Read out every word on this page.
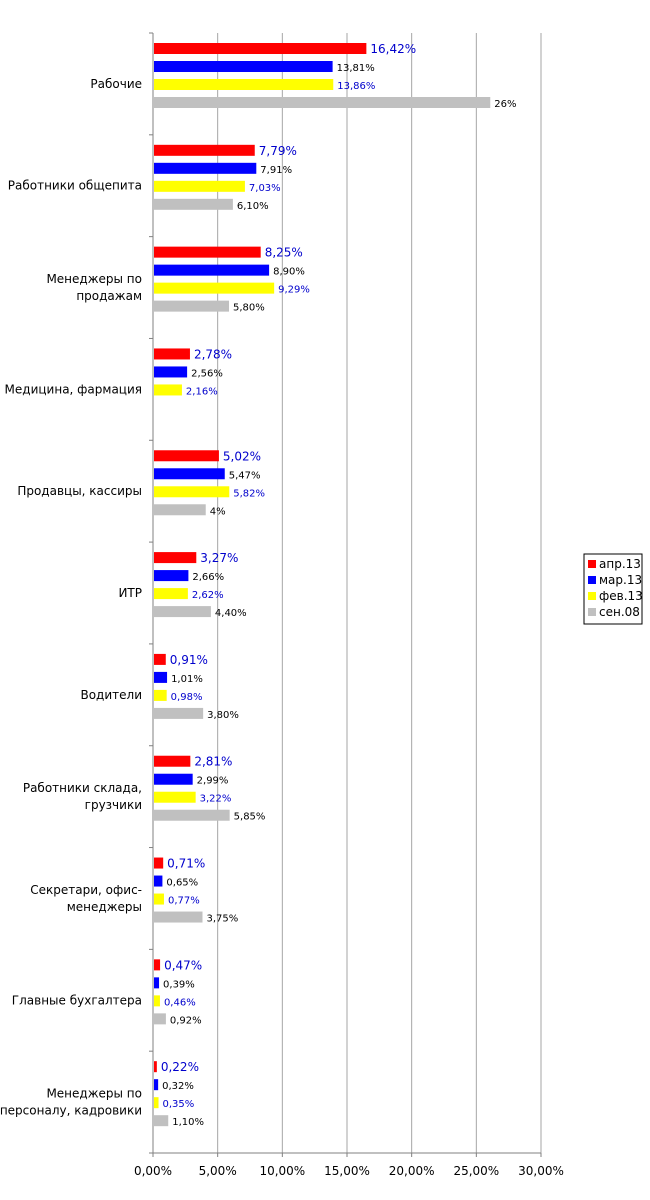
16,42%
7,79%
8,25%
2,78%
5,02%
3,27%
0,91%
2,81%
0,71%
0,47%
0,22%
13,81%
7,91%
8,90%
2,56%
5,47%
2,66%
1,01%
2,99%
0,65%
0,39%
0,32%
13,86%
7,03%
9,29%
2,16%
5,82%
2,62%
0,98%
3,22%
0,77%
0,46%
0,35%
26%
6,10%
5,80%
4%
4,40%
3,80%
5,85%
3,75%
0,92%
1,10%
Рабочие
Работники общепита
Менеджеры по
продажам
Медицина, фармация
Продавцы, кассиры
ИТР
Водители
Работники склада,
грузчики
Секретари, офис-
менеджеры
Главные бухгалтера
Менеджеры по
персоналу, кадровики
0,00% 5,00% 10,00% 15,00% 20,00% 25,00% 30,00%
апр.13
мар.13
фев.13
сен.08
